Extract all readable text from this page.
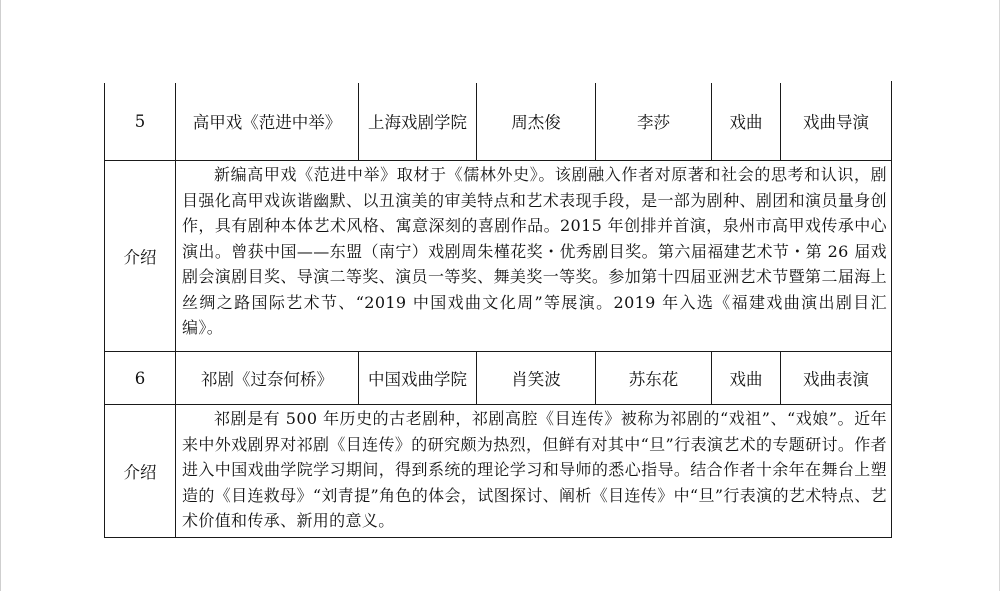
5	高甲戏《范进中举》	上海戏剧学院	周杰俊	李莎	戏曲	戏曲导演
介绍	新编高甲戏《范进中举》取材于《儒林外史》。该剧融入作者对原著和社会的思考和认识，剧目强化高甲戏诙谐幽默、以丑演美的审美特点和艺术表现手段，是一部为剧种、剧团和演员量身创作，具有剧种本体艺术风格、寓意深刻的喜剧作品。2015 年创排并首演，泉州市高甲戏传承中心演出。曾获中国——东盟（南宁）戏剧周朱槿花奖・优秀剧目奖。第六届福建艺术节・第 26 届戏剧会演剧目奖、导演二等奖、演员一等奖、舞美奖一等奖。参加第十四届亚洲艺术节暨第二届海上丝绸之路国际艺术节、“2019 中国戏曲文化周”等展演。2019 年入选《福建戏曲演出剧目汇编》。					

6	祁剧《过奈何桥》	中国戏曲学院	肖笑波	苏东花	戏曲	戏曲表演
介绍	祁剧是有 500 年历史的古老剧种，祁剧高腔《目连传》被称为祁剧的“戏祖”、“戏娘”。近年来中外戏剧界对祁剧《目连传》的研究颇为热烈，但鲜有对其中“旦”行表演艺术的专题研讨。作者进入中国戏曲学院学习期间，得到系统的理论学习和导师的悉心指导。结合作者十余年在舞台上塑造的《目连救母》“刘青提”角色的体会，试图探讨、阐析《目连传》中“旦”行表演的艺术特点、艺术价值和传承、新用的意义。					
